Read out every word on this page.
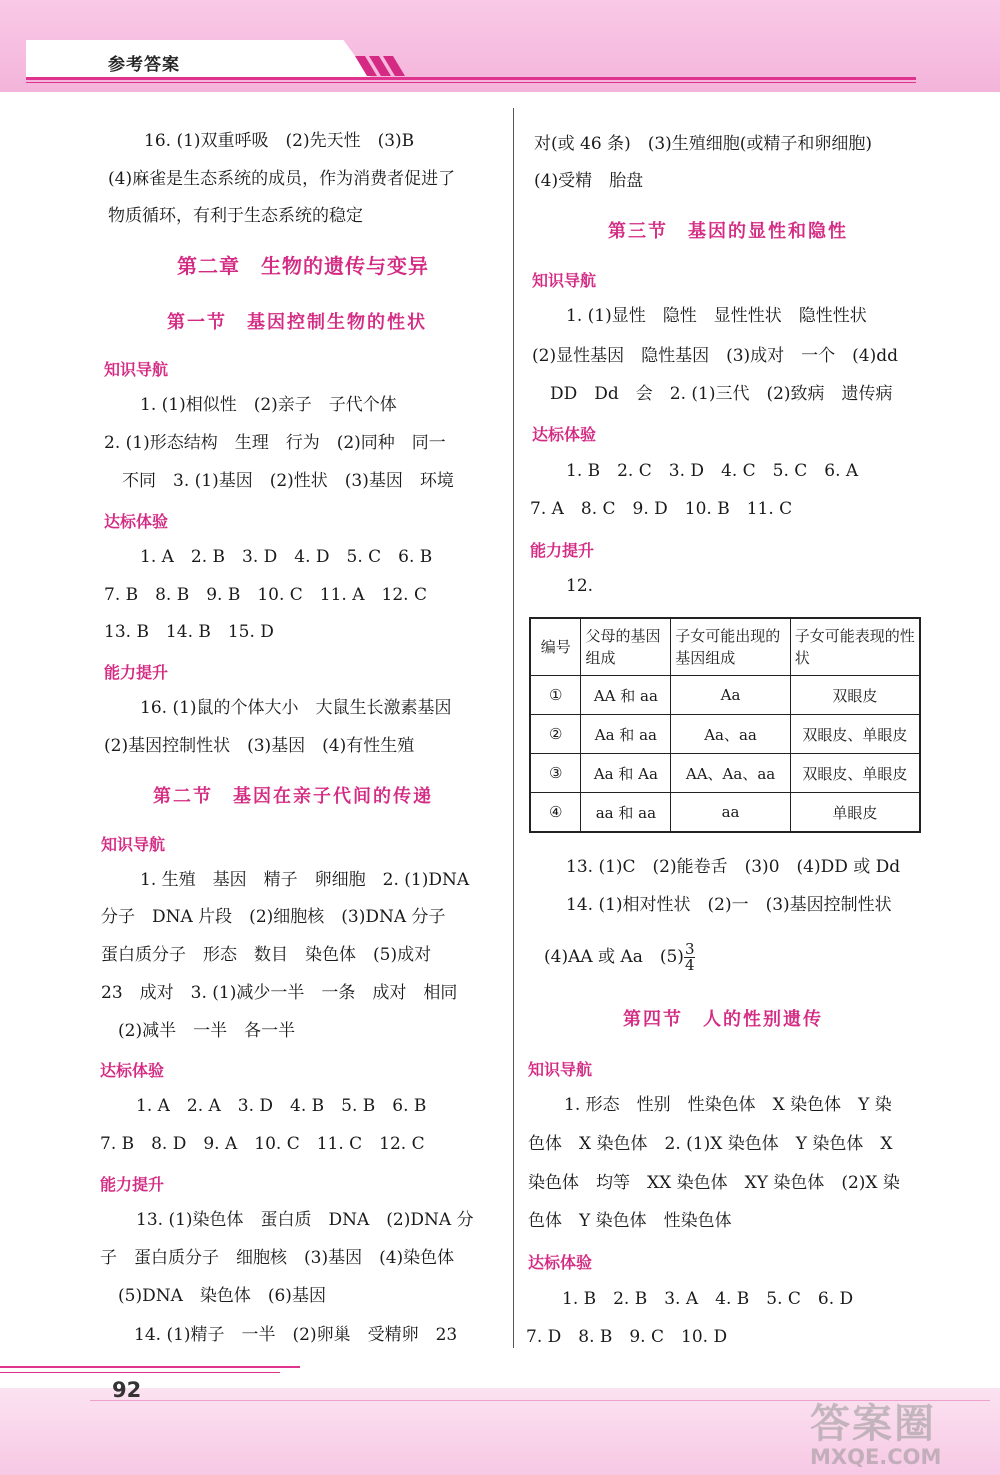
参考答案
16. (1)双重呼吸　(2)先天性　(3)B
(4)麻雀是生态系统的成员，作为消费者促进了
物质循环，有利于生态系统的稳定
第二章　生物的遗传与变异
第一节　基因控制生物的性状
知识导航
1. (1)相似性　(2)亲子　子代个体
2. (1)形态结构　生理　行为　(2)同种　同一
不同　3. (1)基因　(2)性状　(3)基因　环境
达标体验
1. A　2. B　3. D　4. D　5. C　6. B
7. B　8. B　9. B　10. C　11. A　12. C
13. B　14. B　15. D
能力提升
16. (1)鼠的个体大小　大鼠生长激素基因
(2)基因控制性状　(3)基因　(4)有性生殖
第二节　基因在亲子代间的传递
知识导航
1. 生殖　基因　精子　卵细胞　2. (1)DNA
分子　DNA 片段　(2)细胞核　(3)DNA 分子
蛋白质分子　形态　数目　染色体　(5)成对
23　成对　3. (1)减少一半　一条　成对　相同
(2)减半　一半　各一半
达标体验
1. A　2. A　3. D　4. B　5. B　6. B
7. B　8. D　9. A　10. C　11. C　12. C
能力提升
13. (1)染色体　蛋白质　DNA　(2)DNA 分
子　蛋白质分子　细胞核　(3)基因　(4)染色体
(5)DNA　染色体　(6)基因
14. (1)精子　一半　(2)卵巢　受精卵　23
对(或 46 条)　(3)生殖细胞(或精子和卵细胞)
(4)受精　胎盘
第三节　基因的显性和隐性
知识导航
1. (1)显性　隐性　显性性状　隐性性状
(2)显性基因　隐性基因　(3)成对　一个　(4)dd
DD　Dd　会　2. (1)三代　(2)致病　遗传病
达标体验
1. B　2. C　3. D　4. C　5. C　6. A
7. A　8. C　9. D　10. B　11. C
能力提升
12.
编号	父母的基因组成	子女可能出现的基因组成	子女可能表现的性状
①	AA 和 aa	Aa	双眼皮
②	Aa 和 aa	Aa、aa	双眼皮、单眼皮
③	Aa 和 Aa	AA、Aa、aa	双眼皮、单眼皮
④	aa 和 aa	aa	单眼皮
13. (1)C　(2)能卷舌　(3)0　(4)DD 或 Dd
14. (1)相对性状　(2)一　(3)基因控制性状
(4)AA 或 Aa　$(5) \frac{3}{4}$
第四节　人的性别遗传
知识导航
1. 形态　性别　性染色体　X 染色体　Y 染
色体　X 染色体　2. (1)X 染色体　Y 染色体　X
染色体　均等　XX 染色体　XY 染色体　(2)X 染
色体　Y 染色体　性染色体
达标体验
1. B　2. B　3. A　4. B　5. C　6. D
7. D　8. B　9. C　10. D
92
答案圈
MXQE.COM
